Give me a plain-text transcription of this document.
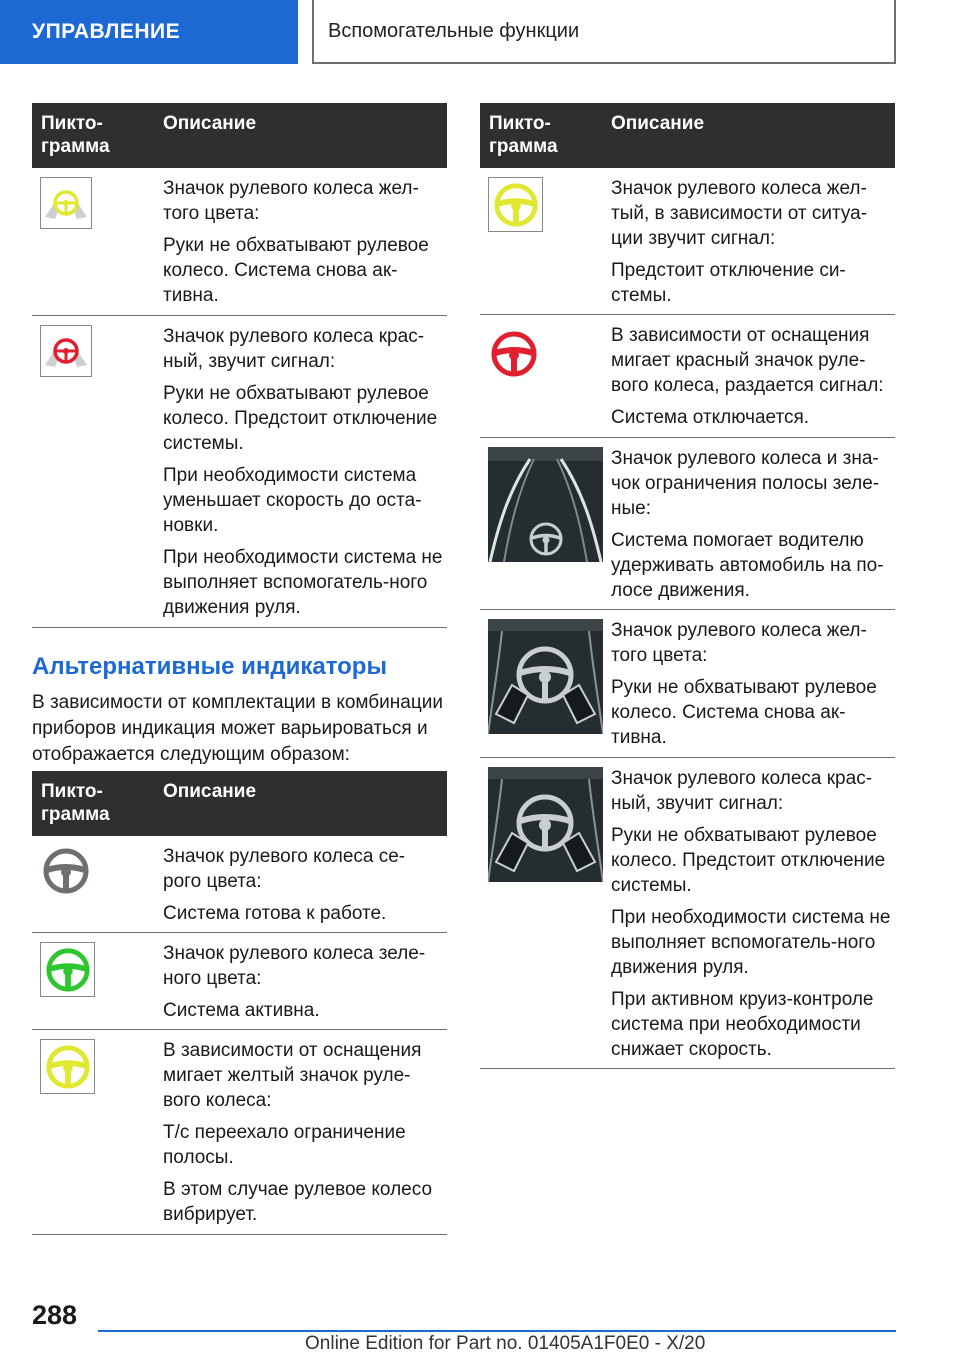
УПРАВЛЕНИЕ	Вспомогательные функции
Пикто-
грамма
Описание

Значок рулевого колеса жел-того цвета:

Руки не обхватывают рулевое колесо. Система снова ак-тивна.

Значок рулевого колеса крас-ный, звучит сигнал:

Руки не обхватывают рулевое колесо. Предстоит отключение системы.

При необходимости система уменьшает скорость до оста-новки.

При необходимости система не выполняет вспомогатель-ного движения руля.

Альтернативные индикаторы
В зависимости от комплектации в комбинации приборов индикация может варьироваться и отображается следующим образом:
Пикто-
грамма
Описание

Значок рулевого колеса се-рого цвета:

Система готова к работе.

Значок рулевого колеса зеле-ного цвета:

Система активна.

В зависимости от оснащения мигает желтый значок руле-вого колеса:

Т/с переехало ограничение полосы.

В этом случае рулевое колесо вибрирует.

Пикто-
грамма
Описание

Значок рулевого колеса жел-тый, в зависимости от ситуа-ции звучит сигнал:

Предстоит отключение си-стемы.

В зависимости от оснащения мигает красный значок руле-вого колеса, раздается сигнал:

Система отключается.

Значок рулевого колеса и зна-чок ограничения полосы зеле-ные:

Система помогает водителю удерживать автомобиль на по-лосе движения.

Значок рулевого колеса жел-того цвета:

Руки не обхватывают рулевое колесо. Система снова ак-тивна.

Значок рулевого колеса крас-ный, звучит сигнал:

Руки не обхватывают рулевое колесо. Предстоит отключение системы.

При необходимости система не выполняет вспомогатель-ного движения руля.

При активном круиз-контроле система при необходимости снижает скорость.

288
Online Edition for Part no. 01405A1F0E0 - X/20
